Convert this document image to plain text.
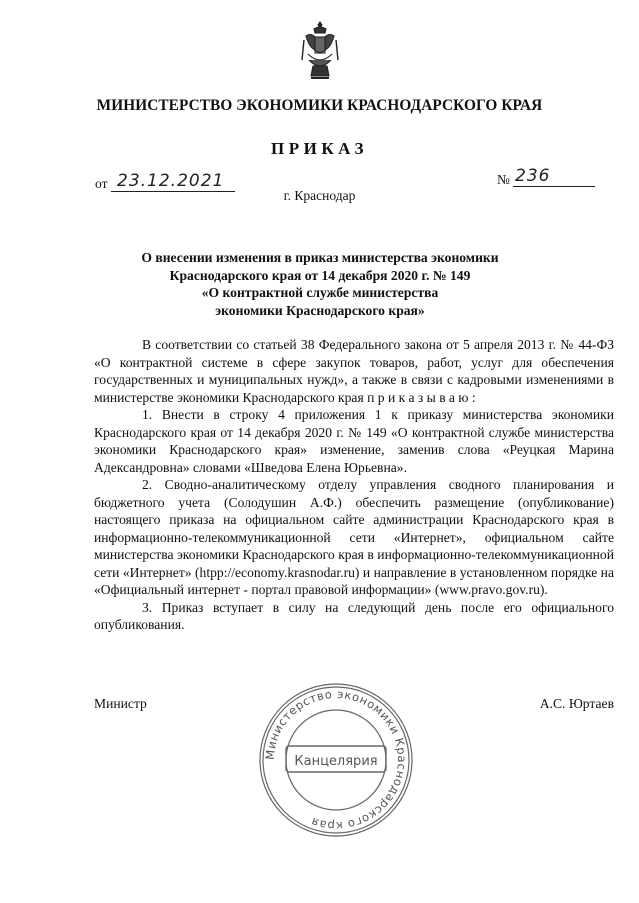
МИНИСТЕРСТВО ЭКОНОМИКИ КРАСНОДАРСКОГО КРАЯ
ПРИКАЗ
от 23.12.2021	№ 236
г. Краснодар
О внесении изменения в приказ министерства экономики
Краснодарского края от 14 декабря 2020 г. № 149
«О контрактной службе министерства
экономики Краснодарского края»

В соответствии со статьей 38 Федерального закона от 5 апреля 2013 г. № 44-ФЗ «О контрактной системе в сфере закупок товаров, работ, услуг для обеспечения государственных и муниципальных нужд», а также в связи с кадровыми изменениями в министерстве экономики Краснодарского края приказываю:

1. Внести в строку 4 приложения 1 к приказу министерства экономики Краснодарского края от 14 декабря 2020 г. № 149 «О контрактной службе министерства экономики Краснодарского края» изменение, заменив слова «Реуцкая Марина Адександровна» словами «Шведова Елена Юрьевна».

2. Сводно-аналитическому отделу управления сводного планирования и бюджетного учета (Солодушин А.Ф.) обеспечить размещение (опубликование) настоящего приказа на официальном сайте администрации Краснодарского края в информационно-телекоммуникационной сети «Интернет», официальном сайте министерства экономики Краснодарского края в информационно-телекоммуникационной сети «Интернет» (htpp://economy.krasnodar.ru) и направление в установленном порядке на «Официальный интернет - портал правовой информации» (www.pravo.gov.ru).

3. Приказ вступает в силу на следующий день после его официального опубликования.

Министр	А.С. Юртаев
Министерство экономики Краснодарского края
Канцелярия
